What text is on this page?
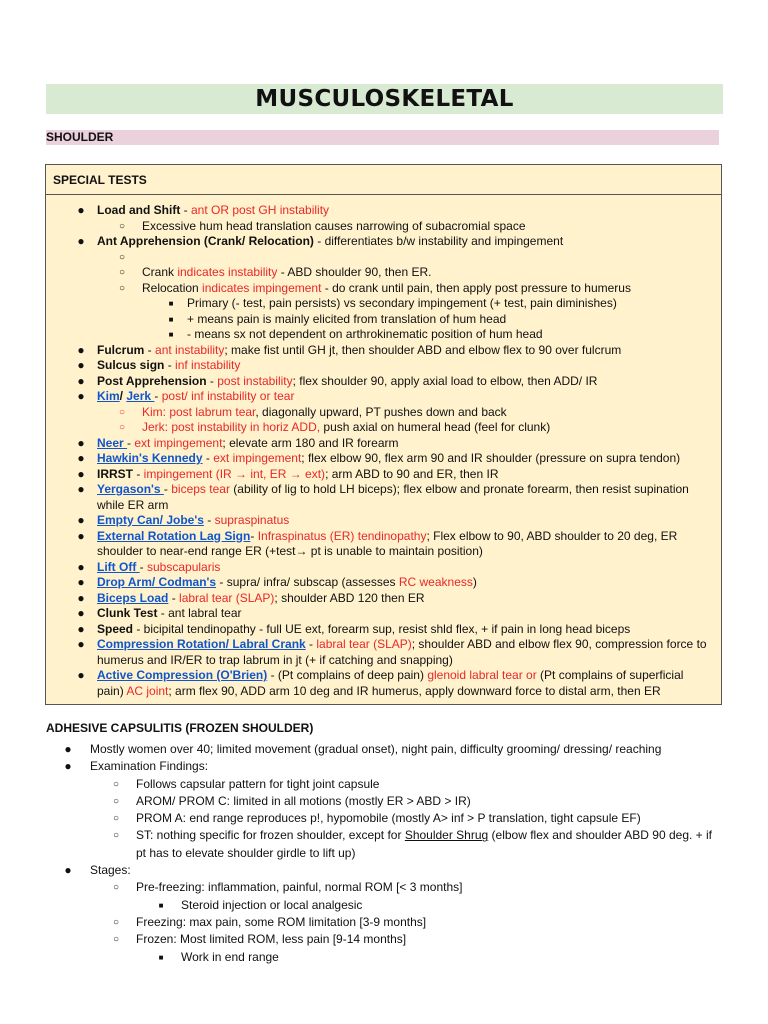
MUSCULOSKELETAL
SHOULDER
SPECIAL TESTS
● Load and Shift - ant OR post GH instability
○ Excessive hum head translation causes narrowing of subacromial space
● Ant Apprehension (Crank/ Relocation) - differentiates b/w instability and impingement
○

○ Crank indicates instability - ABD shoulder 90, then ER.
○ Relocation indicates impingement - do crank until pain, then apply post pressure to humerus
■ Primary (- test, pain persists) vs secondary impingement (+ test, pain diminishes)
■ + means pain is mainly elicited from translation of hum head
■ - means sx not dependent on arthrokinematic position of hum head
● Fulcrum - ant instability; make fist until GH jt, then shoulder ABD and elbow flex to 90 over fulcrum
● Sulcus sign - inf instability
● Post Apprehension - post instability; flex shoulder 90, apply axial load to elbow, then ADD/ IR
● Kim/ Jerk - post/ inf instability or tear
○ Kim: post labrum tear, diagonally upward, PT pushes down and back
○ Jerk: post instability in horiz ADD, push axial on humeral head (feel for clunk)
● Neer - ext impingement; elevate arm 180 and IR forearm
● Hawkin's Kennedy - ext impingement; flex elbow 90, flex arm 90 and IR shoulder (pressure on supra tendon)
● IRRST - impingement (IR → int, ER → ext); arm ABD to 90 and ER, then IR
● Yergason's - biceps tear (ability of lig to hold LH biceps); flex elbow and pronate forearm, then resist supination while ER arm
● Empty Can/ Jobe's - supraspinatus
● External Rotation Lag Sign- Infraspinatus (ER) tendinopathy; Flex elbow to 90, ABD shoulder to 20 deg, ER shoulder to near-end range ER (+test→ pt is unable to maintain position)
● Lift Off - subscapularis
● Drop Arm/ Codman's - supra/ infra/ subscap (assesses RC weakness)
● Biceps Load - labral tear (SLAP); shoulder ABD 120 then ER
● Clunk Test - ant labral tear
● Speed - bicipital tendinopathy - full UE ext, forearm sup, resist shld flex, + if pain in long head biceps
● Compression Rotation/ Labral Crank - labral tear (SLAP); shoulder ABD and elbow flex 90, compression force to humerus and IR/ER to trap labrum in jt (+ if catching and snapping)
● Active Compression (O'Brien) - (Pt complains of deep pain) glenoid labral tear or (Pt complains of superficial pain) AC joint; arm flex 90, ADD arm 10 deg and IR humerus, apply downward force to distal arm, then ER
ADHESIVE CAPSULITIS (FROZEN SHOULDER)
● Mostly women over 40; limited movement (gradual onset), night pain, difficulty grooming/ dressing/ reaching
● Examination Findings:
○ Follows capsular pattern for tight joint capsule
○ AROM/ PROM C: limited in all motions (mostly ER > ABD > IR)
○ PROM A: end range reproduces p!, hypomobile (mostly A> inf > P translation, tight capsule EF)
○ ST: nothing specific for frozen shoulder, except for Shoulder Shrug (elbow flex and shoulder ABD 90 deg. + if pt has to elevate shoulder girdle to lift up)
● Stages:
○ Pre-freezing: inflammation, painful, normal ROM [< 3 months]
■ Steroid injection or local analgesic
○ Freezing: max pain, some ROM limitation [3-9 months]
○ Frozen: Most limited ROM, less pain [9-14 months]
■ Work in end range
